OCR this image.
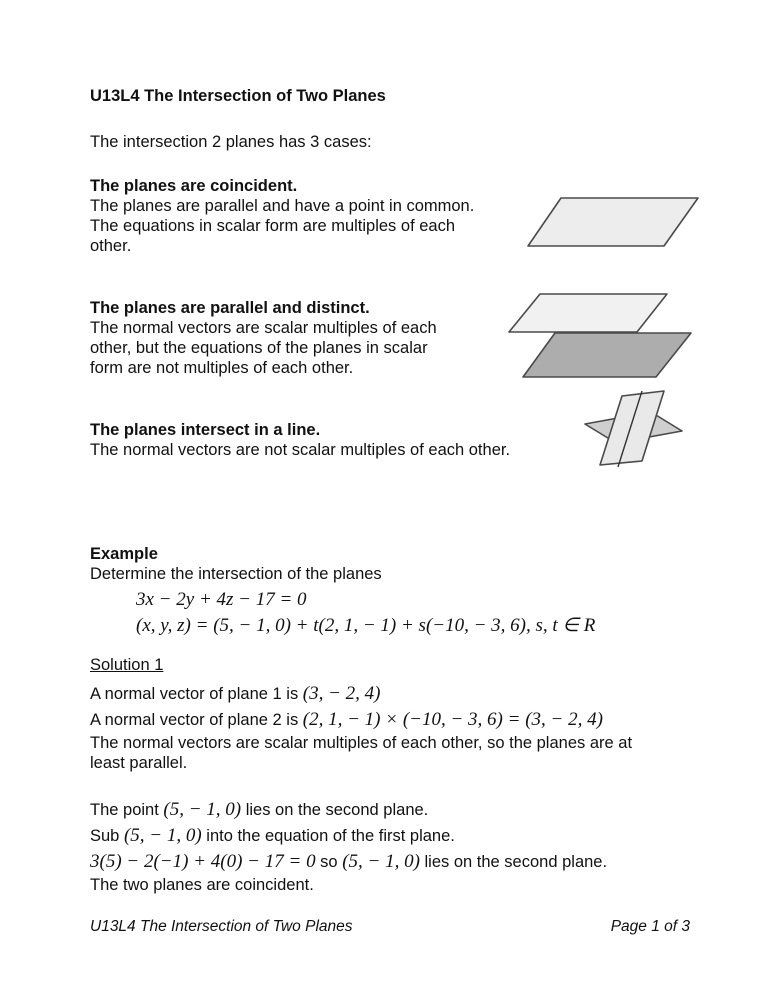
U13L4 The Intersection of Two Planes

The intersection 2 planes has 3 cases:

The planes are coincident.
The planes are parallel and have a point in common.
The equations in scalar form are multiples of each
other.
The planes are parallel and distinct.
The normal vectors are scalar multiples of each
other, but the equations of the planes in scalar
form are not multiples of each other.
The planes intersect in a line.
The normal vectors are not scalar multiples of each other.
Example
Determine the intersection of the planes
3x − 2y + 4z − 17 = 0
(x, y, z) = (5, − 1, 0) + t(2, 1, − 1) + s(−10, − 3, 6), s, t ∈ R
Solution 1
A normal vector of plane 1 is (3, − 2, 4)
A normal vector of plane 2 is (2, 1, − 1) × (−10, − 3, 6) = (3, − 2, 4)
The normal vectors are scalar multiples of each other, so the planes are at
least parallel.
The point (5, − 1, 0) lies on the second plane.
Sub (5, − 1, 0) into the equation of the first plane.
3(5) − 2(−1) + 4(0) − 17 = 0 so (5, − 1, 0) lies on the second plane.
The two planes are coincident.
U13L4 The Intersection of Two Planes	Page 1 of 3
